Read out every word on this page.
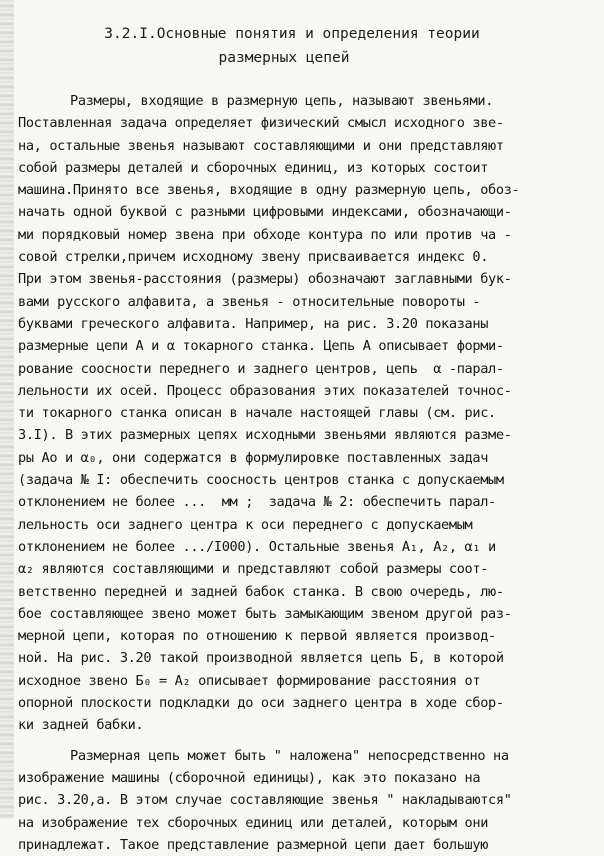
3.2.I.Основные понятия и определения теории
размерных цепей
Размеры, входящие в размерную цепь, называют звеньями.
Поставленная задача определяет физический смысл исходного зве-
на, остальные звенья называют составляющими и они представляют
собой размеры деталей и сборочных единиц, из которых состоит
машина.Принято все звенья, входящие в одну размерную цепь, обоз-
начать одной буквой с разными цифровыми индексами, обозначающи-
ми порядковый номер звена при обходе контура по или против ча -
совой стрелки,причем исходному звену присваивается индекс 0.
При этом звенья-расстояния (размеры) обозначают заглавными бук-
вами русского алфавита, а звенья - относительные повороты -
буквами греческого алфавита. Например, на рис. 3.20 показаны
размерные цепи А и α токарного станка. Цепь А описывает форми-
рование соосности переднего и заднего центров, цепь  α -парал-
лельности их осей. Процесс образования этих показателей точнос-
ти токарного станка описан в начале настоящей главы (см. рис.
3.I). В этих размерных цепях исходными звеньями являются разме-
ры Ао и α₀, они содержатся в формулировке поставленных задач
(задача № I: обеспечить соосность центров станка с допускаемым
отклонением не более ...  мм ;  задача № 2: обеспечить парал-
лельность оси заднего центра к оси переднего с допускаемым
отклонением не более .../I000). Остальные звенья А₁, А₂, α₁ и
α₂ являются составляющими и представляют собой размеры соот-
ветственно передней и задней бабок станка. В свою очередь, лю-
бое составляющее звено может быть замыкающим звеном другой раз-
мерной цепи, которая по отношению к первой является производ-
ной. На рис. 3.20 такой производной является цепь Б, в которой
исходное звено Б₀ = А₂ описывает формирование расстояния от
опорной плоскости подкладки до оси заднего центра в ходе сбор-
ки задней бабки.
Размерная цепь может быть " наложена" непосредственно на
изображение машины (сборочной единицы), как это показано на
рис. 3.20,а. В этом случае составляющие звенья " накладываются"
на изображение тех сборочных единиц или деталей, которым они
принадлежат. Такое представление размерной цепи дает большую
